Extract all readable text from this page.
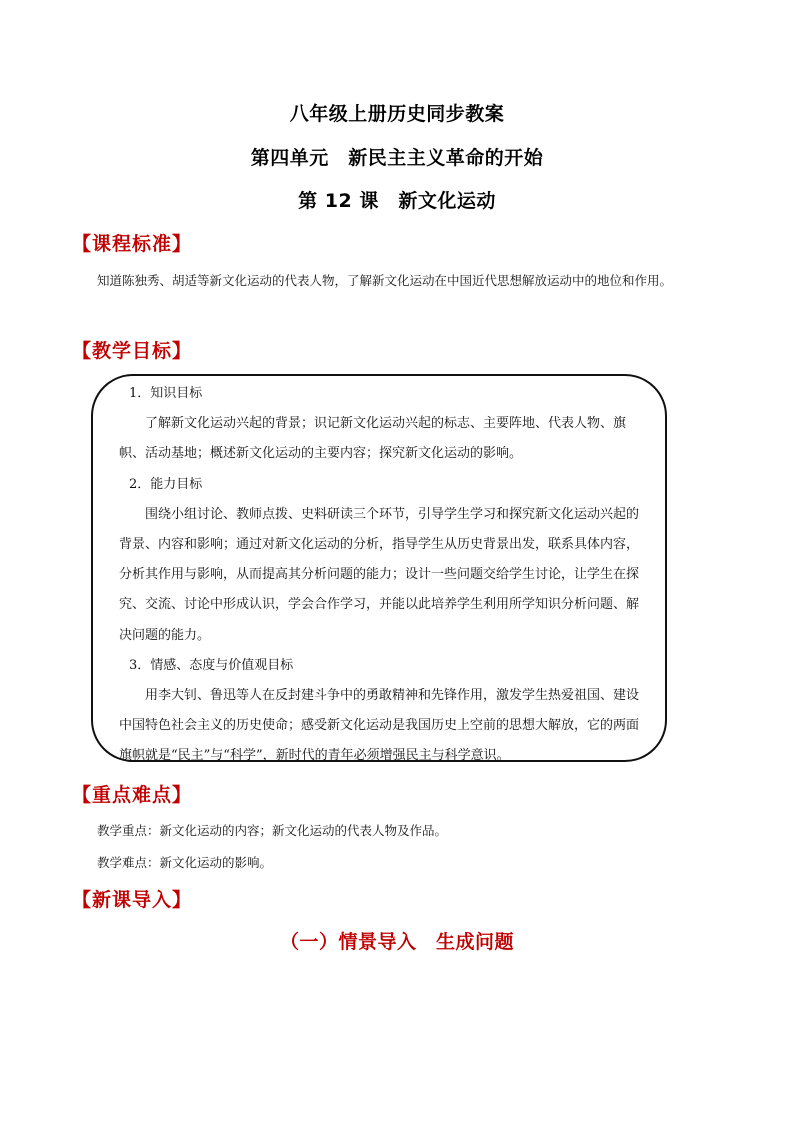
八年级上册历史同步教案
第四单元　新民主主义革命的开始
第 12 课　新文化运动
【课程标准】
知道陈独秀、胡适等新文化运动的代表人物，了解新文化运动在中国近代思想解放运动中的地位和作用。
【教学目标】
1．知识目标
了解新文化运动兴起的背景；识记新文化运动兴起的标志、主要阵地、代表人物、旗帜、活动基地；概述新文化运动的主要内容；探究新文化运动的影响。
2．能力目标
围绕小组讨论、教师点拨、史料研读三个环节，引导学生学习和探究新文化运动兴起的背景、内容和影响；通过对新文化运动的分析，指导学生从历史背景出发，联系具体内容，分析其作用与影响，从而提高其分析问题的能力；设计一些问题交给学生讨论，让学生在探究、交流、讨论中形成认识，学会合作学习，并能以此培养学生利用所学知识分析问题、解决问题的能力。
3．情感、态度与价值观目标
用李大钊、鲁迅等人在反封建斗争中的勇敢精神和先锋作用，激发学生热爱祖国、建设中国特色社会主义的历史使命；感受新文化运动是我国历史上空前的思想大解放，它的两面旗帜就是“民主”与“科学”，新时代的青年必须增强民主与科学意识。
【重点难点】
教学重点：新文化运动的内容；新文化运动的代表人物及作品。
教学难点：新文化运动的影响。
【新课导入】
（一）情景导入　生成问题
